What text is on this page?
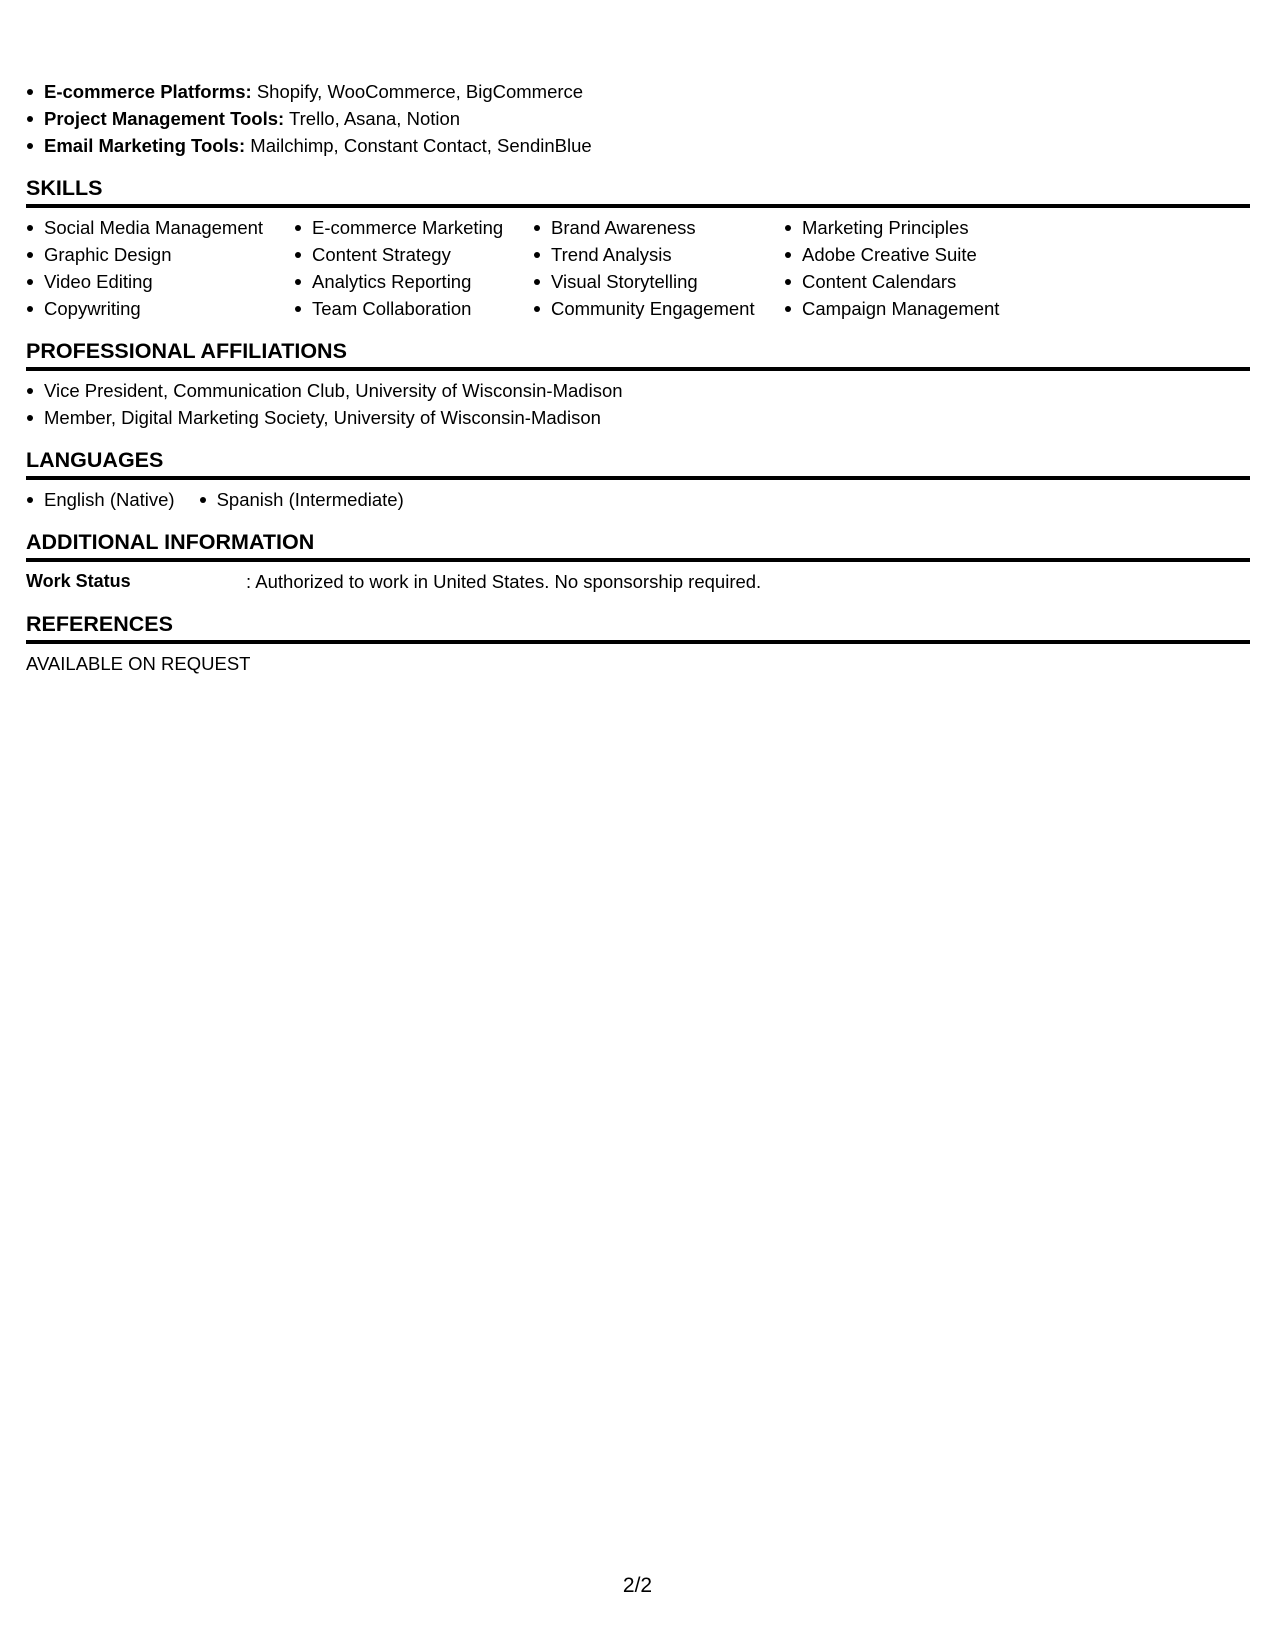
E-commerce Platforms: Shopify, WooCommerce, BigCommerce
Project Management Tools: Trello, Asana, Notion
Email Marketing Tools: Mailchimp, Constant Contact, SendinBlue
SKILLS
Social Media Management
Graphic Design
Video Editing
Copywriting
E-commerce Marketing
Content Strategy
Analytics Reporting
Team Collaboration
Brand Awareness
Trend Analysis
Visual Storytelling
Community Engagement
Marketing Principles
Adobe Creative Suite
Content Calendars
Campaign Management
PROFESSIONAL AFFILIATIONS
Vice President, Communication Club, University of Wisconsin-Madison
Member, Digital Marketing Society, University of Wisconsin-Madison
LANGUAGES
English (Native)	Spanish (Intermediate)
ADDITIONAL INFORMATION
Work Status	: Authorized to work in United States. No sponsorship required.
REFERENCES
AVAILABLE ON REQUEST
2/2
